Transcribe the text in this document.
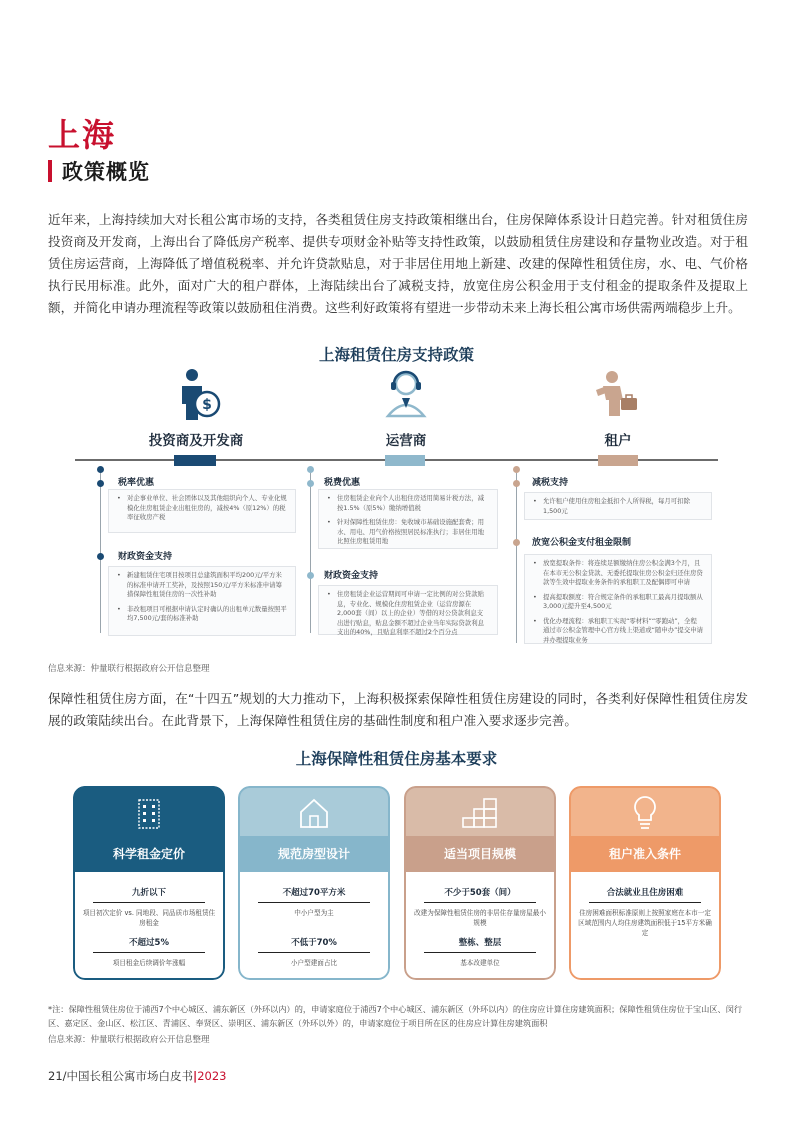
上海
政策概览
近年来，上海持续加大对长租公寓市场的支持，各类租赁住房支持政策相继出台，住房保障体系设计日趋完善。针对租赁住房投资商及开发商，上海出台了降低房产税率、提供专项财金补贴等支持性政策，以鼓励租赁住房建设和存量物业改造。对于租赁住房运营商，上海降低了增值税税率、并允许贷款贴息，对于非居住用地上新建、改建的保障性租赁住房，水、电、气价格执行民用标准。此外，面对广大的租户群体，上海陆续出台了减税支持，放宽住房公积金用于支付租金的提取条件及提取上额，并简化申请办理流程等政策以鼓励租住消费。这些利好政策将有望进一步带动未来上海长租公寓市场供需两端稳步上升。
上海租赁住房支持政策
$
投资商及开发商	运营商	租户
税率优惠
• 对企事业单位、社会团体以及其他组织向个人、专业化规模化住房租赁企业出租住房的，减按4%（原12%）的税率征收房产税
财政资金支持
• 新建租赁住宅项目按项目总建筑面积平均200元/平方米的标准申请开工奖补，及按照150元/平方米标准申请筹措保障性租赁住房的一次性补助
• 非改租项目可根据申请认定时确认的出租单元数量按照平均7,500元/套的标准补助
税费优惠
• 住房租赁企业向个人出租住房适用简易计税方法，减按1.5%（原5%）缴纳增值税
• 针对保障性租赁住房：免收城市基础设施配套费；用水、用电、用气价格按照居民标准执行；非居住用地比照住房租赁用地
财政资金支持
• 住房租赁企业运营期间可申请一定比例的对公贷款贴息，专业化、规模化住房租赁企业（运营房源在2,000套（间）以上的企业）等借的对公贷款利息支出进行贴息，贴息金额不超过企业当年实际贷款利息支出的40%，且贴息利率不超过2个百分点
减税支持
• 允许租户使用住房租金抵扣个人所得税，每月可扣除1,500元
放宽公积金支付租金限制
• 放宽提取条件：将连续足额缴纳住房公积金满3个月，且在本市无公积金贷款、无委托提取住房公积金归还住房贷款等生效中提取业务条件的承租职工及配偶即可申请
• 提高提取额度：符合规定条件的承租职工最高月提取额从3,000元提升至4,500元
• 优化办理流程：承租职工实现“零材料”“零跑动”，全程通过市公积金管理中心官方线上渠道或“随申办”提交申请并办理提取业务
信息来源：仲量联行根据政府公开信息整理
保障性租赁住房方面，在“十四五”规划的大力推动下，上海积极探索保障性租赁住房建设的同时，各类利好保障性租赁住房发展的政策陆续出台。在此背景下，上海保障性租赁住房的基础性制度和租户准入要求逐步完善。
上海保障性租赁住房基本要求
科学租金定价
九折以下
项目初次定价 vs. 同地段、同品质市场租赁住房租金
不超过5%
项目租金后续调价年涨幅
规范房型设计
不超过70平方米
中小户型为主
不低于70%
小户型建面占比
适当项目规模
不少于50套（间）
改建为保障性租赁住房的非居住存量房屋最小规模
整栋、整层
基本改建单位
租户准入条件
合法就业且住房困难
住房困难面积标准原则上按照家庭在本市一定区域范围内人均住房建筑面积低于15平方米确定
*注：保障性租赁住房位于浦西7个中心城区、浦东新区（外环以内）的，申请家庭位于浦西7个中心城区、浦东新区（外环以内）的住房应计算住房建筑面积；保障性租赁住房位于宝山区、闵行区、嘉定区、金山区、松江区、青浦区、奉贤区、崇明区、浦东新区（外环以外）的，申请家庭位于项目所在区的住房应计算住房建筑面积
信息来源：仲量联行根据政府公开信息整理
21/中国长租公寓市场白皮书|2023
